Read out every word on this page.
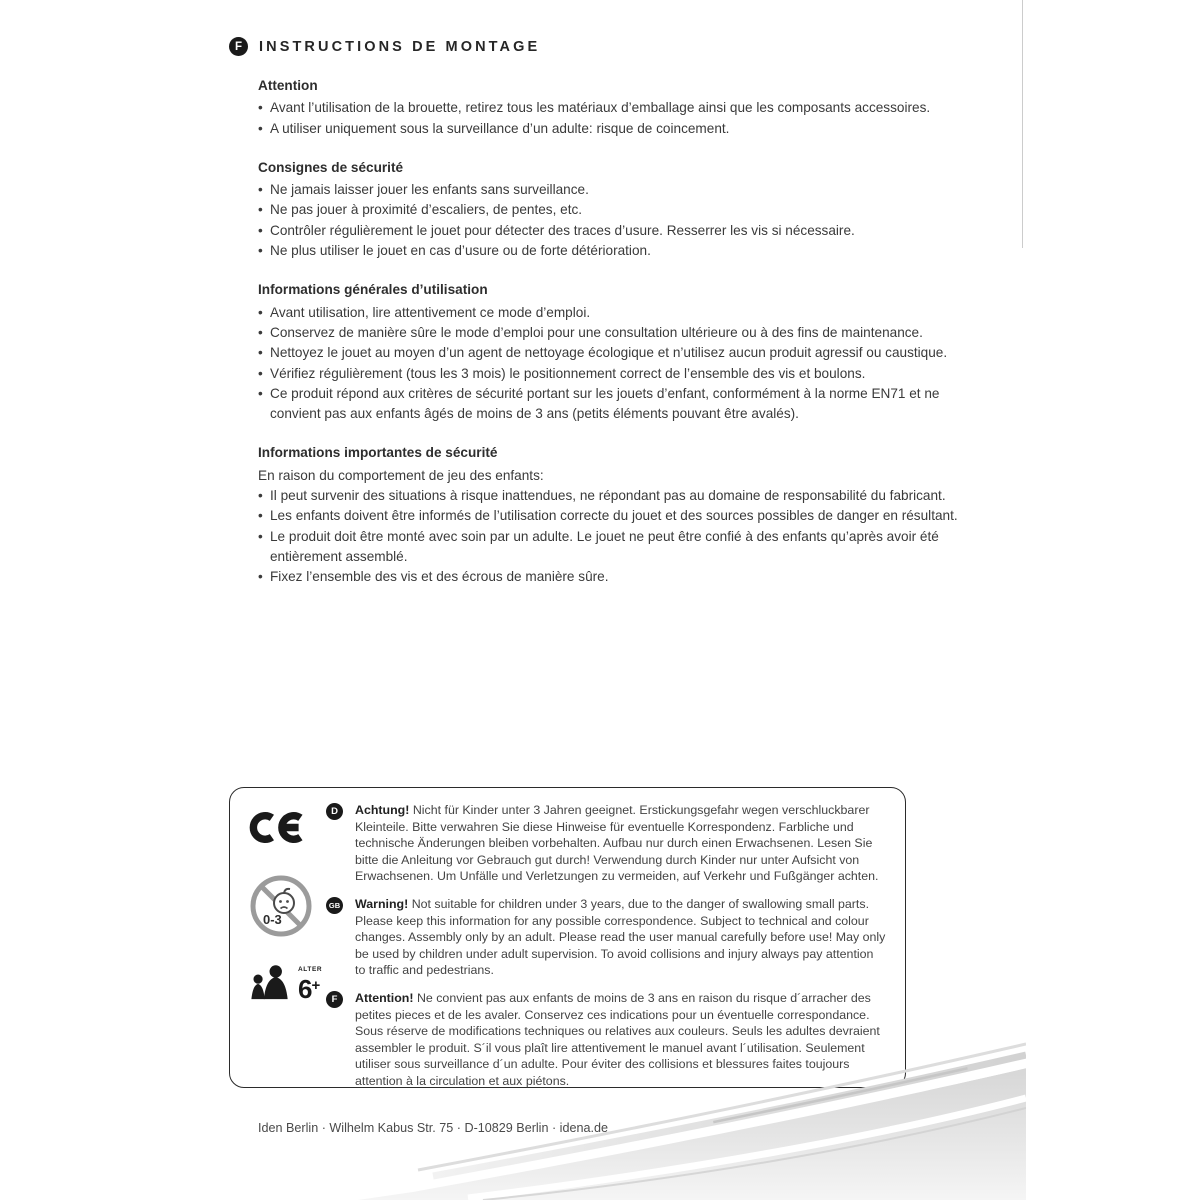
F	INSTRUCTIONS DE MONTAGE
Attention
• Avant l’utilisation de la brouette, retirez tous les matériaux d’emballage ainsi que les composants accessoires.
• A utiliser uniquement sous la surveillance d’un adulte: risque de coincement.
Consignes de sécurité
• Ne jamais laisser jouer les enfants sans surveillance.
• Ne pas jouer à proximité d’escaliers, de pentes, etc.
• Contrôler régulièrement le jouet pour détecter des traces d’usure. Resserrer les vis si nécessaire.
• Ne plus utiliser le jouet en cas d’usure ou de forte détérioration.
Informations générales d’utilisation
• Avant utilisation, lire attentivement ce mode d’emploi.
• Conservez de manière sûre le mode d’emploi pour une consultation ultérieure ou à des fins de maintenance.
• Nettoyez le jouet au moyen d’un agent de nettoyage écologique et n’utilisez aucun produit agressif ou caustique.
• Vérifiez régulièrement (tous les 3 mois) le positionnement correct de l’ensemble des vis et boulons.
• Ce produit répond aux critères de sécurité portant sur les jouets d’enfant, conformément à la norme EN71 et ne convient pas aux enfants âgés de moins de 3 ans (petits éléments pouvant être avalés).
Informations importantes de sécurité

En raison du comportement de jeu des enfants:

• Il peut survenir des situations à risque inattendues, ne répondant pas au domaine de responsabilité du fabricant.
• Les enfants doivent être informés de l’utilisation correcte du jouet et des sources possibles de danger en résultant.
• Le produit doit être monté avec soin par un adulte. Le jouet ne peut être confié à des enfants qu’après avoir été entièrement assemblé.
• Fixez l’ensemble des vis et des écrous de manière sûre.
0-3
ALTER
6+
D	Achtung! Nicht für Kinder unter 3 Jahren geeignet. Erstickungsgefahr wegen verschluckbarer Kleinteile. Bitte verwahren Sie diese Hinweise für eventuelle Korrespondenz. Farbliche und technische Änderungen bleiben vorbehalten. Aufbau nur durch einen Erwachsenen. Lesen Sie bitte die Anleitung vor Gebrauch gut durch! Verwendung durch Kinder nur unter Aufsicht von Erwachsenen. Um Unfälle und Verletzungen zu vermeiden, auf Verkehr und Fußgänger achten.

GB Warning! Not suitable for children under 3 years, due to the danger of swallowing small parts. Please keep this information for any possible correspondence. Subject to technical and colour changes. Assembly only by an adult. Please read the user manual carefully before use! May only be used by children under adult supervision. To avoid collisions and injury always pay attention to traffic and pedestrians.

F	Attention! Ne convient pas aux enfants de moins de 3 ans en raison du risque d´arracher des petites pieces et de les avaler. Conservez ces indications pour un éventuelle correspondance. Sous réserve de modifications techniques ou relatives aux couleurs. Seuls les adultes devraient assembler le produit. S´il vous plaît lire attentivement le manuel avant l´utilisation. Seulement utiliser sous surveillance d´un adulte. Pour éviter des collisions et blessures faites toujours attention à la circulation et aux piétons.

Iden Berlin · Wilhelm Kabus Str. 75 · D-10829 Berlin · idena.de
